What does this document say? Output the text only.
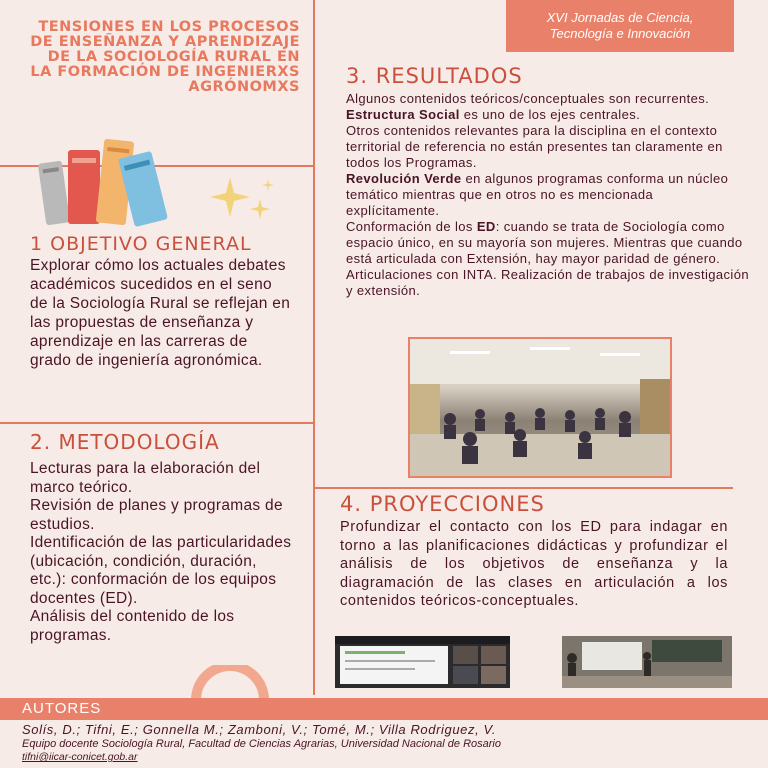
TENSIONES EN LOS PROCESOS DE ENSEÑANZA Y APRENDIZAJE DE LA SOCIOLOGÍA RURAL EN LA FORMACIÓN DE INGENIERXS AGRÓNOMXS
XVI Jornadas de Ciencia,
Tecnología e Innovación
1 OBJETIVO GENERAL
Explorar cómo los actuales debates académicos sucedidos en el seno de la Sociología Rural se reflejan en las propuestas de enseñanza y aprendizaje en las carreras de grado de ingeniería agronómica.
2. METODOLOGÍA
Lecturas para la elaboración del marco teórico.
Revisión de planes y programas de estudios.
Identificación de las particularidades (ubicación, condición, duración, etc.): conformación de los equipos docentes (ED).
Análisis del contenido de los programas.
3. RESULTADOS
Algunos contenidos teóricos/conceptuales son recurrentes. Estructura Social es uno de los ejes centrales.
Otros contenidos relevantes para la disciplina en el contexto territorial de referencia no están presentes tan claramente en todos los Programas.
Revolución Verde en algunos programas conforma un núcleo temático mientras que en otros no es mencionada explícitamente.
Conformación de los ED: cuando se trata de Sociología como espacio único, en su mayoría son mujeres. Mientras que cuando está articulada con Extensión, hay mayor paridad de género.
Articulaciones con INTA. Realización de trabajos de investigación y extensión.
4. PROYECCIONES
Profundizar el contacto con los ED para indagar en torno a las planificaciones didácticas y profundizar el análisis de los objetivos de enseñanza y la diagramación de las clases en articulación a los contenidos teóricos-conceptuales.
AUTORES
Solís, D.; Tifni, E.; Gonnella M.; Zamboni, V.; Tomé, M.; Villa Rodriguez, V.
Equipo docente Sociología Rural, Facultad de Ciencias Agrarias, Universidad Nacional de Rosario
tifni@iicar-conicet.gob.ar
